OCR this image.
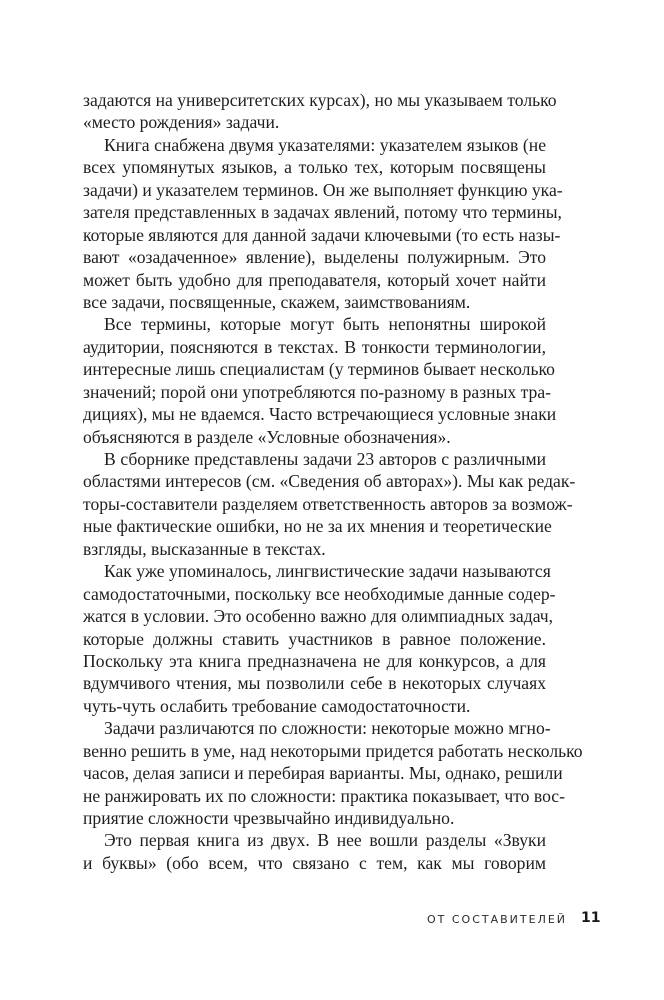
задаются на университетских курсах), но мы указываем только
«место рождения» задачи.

Книга снабжена двумя указателями: указателем языков (не
всех упомянутых языков, а только тех, которым посвящены
задачи) и указателем терминов. Он же выполняет функцию ука-
зателя представленных в задачах явлений, потому что термины,
которые являются для данной задачи ключевыми (то есть назы-
вают «озадаченное» явление), выделены полужирным. Это
может быть удобно для преподавателя, который хочет найти
все задачи, посвященные, скажем, заимствованиям.

Все термины, которые могут быть непонятны широкой
аудитории, поясняются в текстах. В тонкости терминологии,
интересные лишь специалистам (у терминов бывает несколько
значений; порой они употребляются по-разному в разных тра-
дициях), мы не вдаемся. Часто встречающиеся условные знаки
объясняются в разделе «Условные обозначения».

В сборнике представлены задачи 23 авторов с различными
областями интересов (см. «Сведения об авторах»). Мы как редак-
торы-составители разделяем ответственность авторов за возмож-
ные фактические ошибки, но не за их мнения и теоретические
взгляды, высказанные в текстах.

Как уже упоминалось, лингвистические задачи называются
самодостаточными, поскольку все необходимые данные содер-
жатся в условии. Это особенно важно для олимпиадных задач,
которые должны ставить участников в равное положение.
Поскольку эта книга предназначена не для конкурсов, а для
вдумчивого чтения, мы позволили себе в некоторых случаях
чуть-чуть ослабить требование самодостаточности.

Задачи различаются по сложности: некоторые можно мгно-
венно решить в уме, над некоторыми придется работать несколько
часов, делая записи и перебирая варианты. Мы, однако, решили
не ранжировать их по сложности: практика показывает, что вос-
приятие сложности чрезвычайно индивидуально.

Это первая книга из двух. В нее вошли разделы «Звуки
и буквы» (обо всем, что связано с тем, как мы говорим

ОТ СОСТАВИТЕЛЕЙ 11
